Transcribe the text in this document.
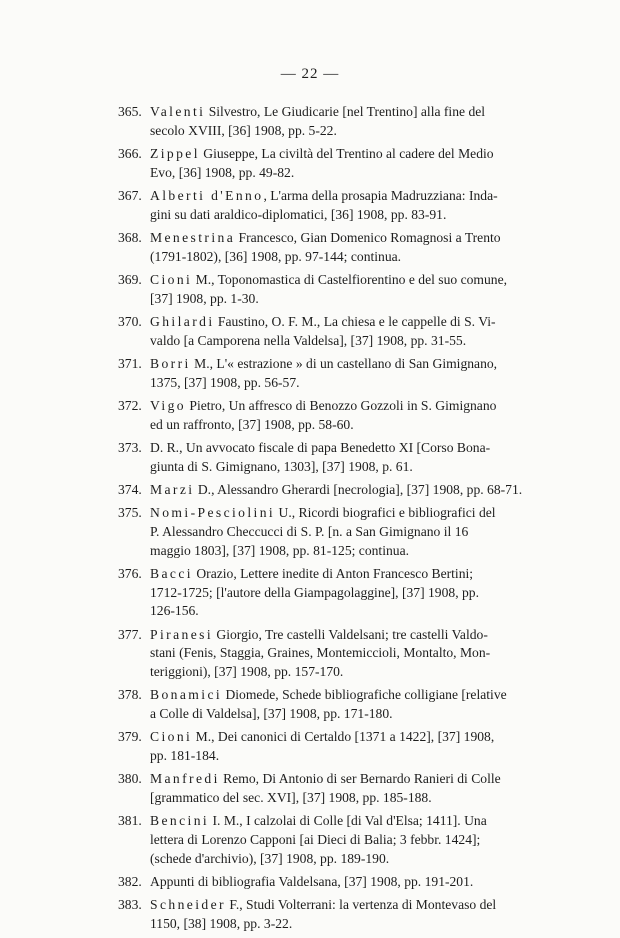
— 22 —
365. Valenti Silvestro, Le Giudicarie [nel Trentino] alla fine del
secolo XVIII, [36] 1908, pp. 5-22.
366. Zippel Giuseppe, La civiltà del Trentino al cadere del Medio
Evo, [36] 1908, pp. 49-82.
367. Alberti d'Enno, L'arma della prosapia Madruzziana: Inda-
gini su dati araldico-diplomatici, [36] 1908, pp. 83-91.
368. Menestrina Francesco, Gian Domenico Romagnosi a Trento
(1791-1802), [36] 1908, pp. 97-144; continua.
369. Cioni M., Toponomastica di Castelfiorentino e del suo comune,
[37] 1908, pp. 1-30.
370. Ghilardi Faustino, O. F. M., La chiesa e le cappelle di S. Vi-
valdo [a Camporena nella Valdelsa], [37] 1908, pp. 31-55.
371. Borri M., L'« estrazione » di un castellano di San Gimignano,
1375, [37] 1908, pp. 56-57.
372. Vigo Pietro, Un affresco di Benozzo Gozzoli in S. Gimignano
ed un raffronto, [37] 1908, pp. 58-60.
373. D. R., Un avvocato fiscale di papa Benedetto XI [Corso Bona-
giunta di S. Gimignano, 1303], [37] 1908, p. 61.
374. Marzi D., Alessandro Gherardi [necrologia], [37] 1908, pp. 68-71.
375. Nomi-Pesciolini U., Ricordi biografici e bibliografici del
P. Alessandro Checcucci di S. P. [n. a San Gimignano il 16
maggio 1803], [37] 1908, pp. 81-125; continua.
376. Bacci Orazio, Lettere inedite di Anton Francesco Bertini;
1712-1725; [l'autore della Giampagolaggine], [37] 1908, pp.
126-156.
377. Piranesi Giorgio, Tre castelli Valdelsani; tre castelli Valdo-
stani (Fenis, Staggia, Graines, Montemiccioli, Montalto, Mon-
teriggioni), [37] 1908, pp. 157-170.
378. Bonamici Diomede, Schede bibliografiche colligiane [relative
a Colle di Valdelsa], [37] 1908, pp. 171-180.
379. Cioni M., Dei canonici di Certaldo [1371 a 1422], [37] 1908,
pp. 181-184.
380. Manfredi Remo, Di Antonio di ser Bernardo Ranieri di Colle
[grammatico del sec. XVI], [37] 1908, pp. 185-188.
381. Bencini I. M., I calzolai di Colle [di Val d'Elsa; 1411]. Una
lettera di Lorenzo Capponi [ai Dieci di Balia; 3 febbr. 1424];
(schede d'archivio), [37] 1908, pp. 189-190.
382. Appunti di bibliografia Valdelsana, [37] 1908, pp. 191-201.
383. Schneider F., Studi Volterrani: la vertenza di Montevaso del
1150, [38] 1908, pp. 3-22.
